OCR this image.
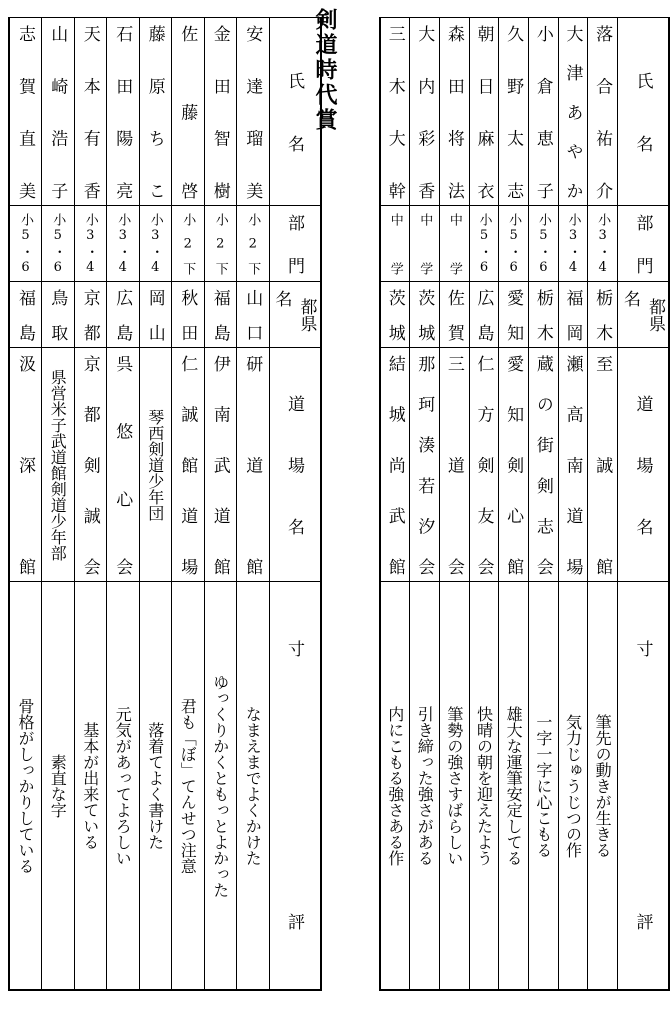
剣道時代賞
志賀直美	山崎浩子	天本有香	石田陽亮	藤原ちこ	佐藤啓	金田智樹	安達瑠美	氏名

小5・6	小5・6	小3・4	小3・4	小3・4	小2下	小2下	小2下	部門

福島	鳥取	京都	広島	岡山	秋田	福島	山口	都県名

汲深館	県営米子武道館剣道少年部	京都剣誠会	呉悠心会	琴西剣道少年団	仁誠館道場	伊南武道館	研道館	道場名

骨格がしっかりしている	素直な字	基本が出来ている	元気があってよろしい	落着てよく書けた	君も「ぼ」てんせつ注意	ゆっくりかくともっとよかった	なまえまでよくかけた	寸評
三木大幹	大内彩香	森田将法	朝日麻衣	久野太志	小倉恵子	大津あやか	落合祐介	氏名

中学	中学	中学	小5・6	小5・6	小5・6	小3・4	小3・4	部門

茨城	茨城	佐賀	広島	愛知	栃木	福岡	栃木	都県名

結城尚武館	那珂湊若汐会	三道会	仁方剣友会	愛知剣心館	蔵の街剣志会	瀬高南道場	至誠館	道場名

内にこもる強さある作	引き締った強さがある	筆勢の強さすばらしい	快晴の朝を迎えたよう	雄大な運筆安定してる	一字一字に心こもる	気力じゅうじつの作	筆先の動きが生きる	寸評
